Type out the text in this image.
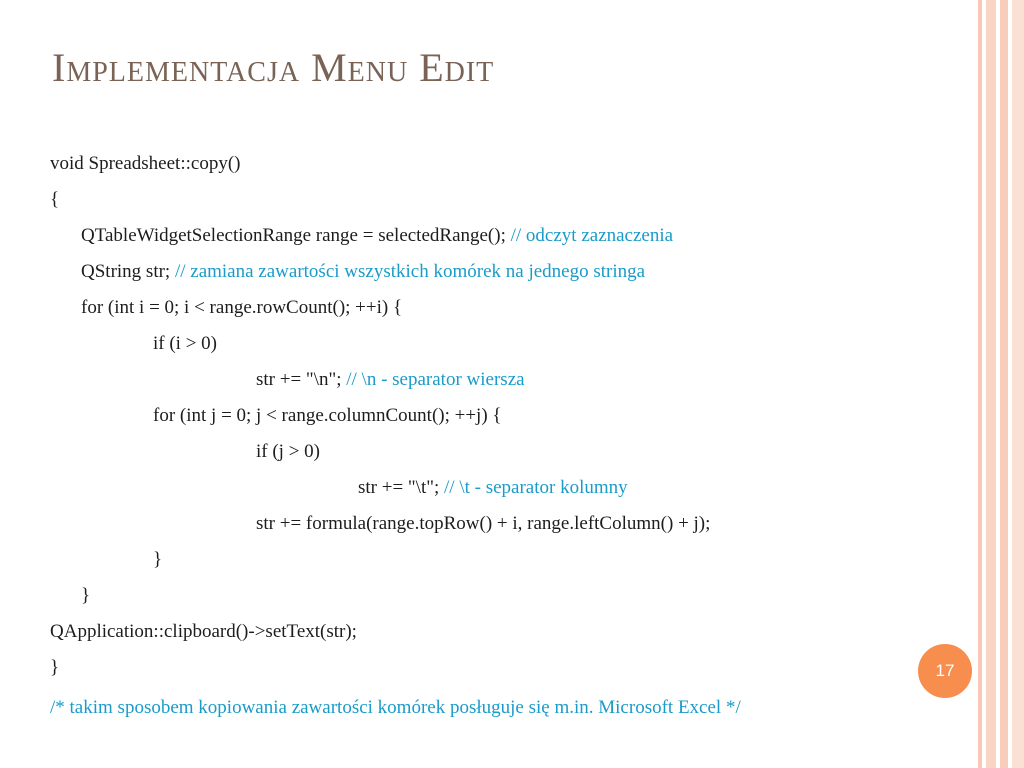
Implementacja Menu Edit
void Spreadsheet::copy()
{
QTableWidgetSelectionRange range = selectedRange(); // odczyt zaznaczenia
QString str; // zamiana zawartości wszystkich komórek na jednego stringa
for (int i = 0; i < range.rowCount(); ++i) {
if (i > 0)
str += "\n"; // \n - separator wiersza
for (int j = 0; j < range.columnCount(); ++j) {
if (j > 0)
str += "\t"; // \t - separator kolumny
str += formula(range.topRow() + i, range.leftColumn() + j);
}
}
QApplication::clipboard()->setText(str);
}
/* takim sposobem kopiowania zawartości komórek posługuje się m.in. Microsoft Excel */
17
